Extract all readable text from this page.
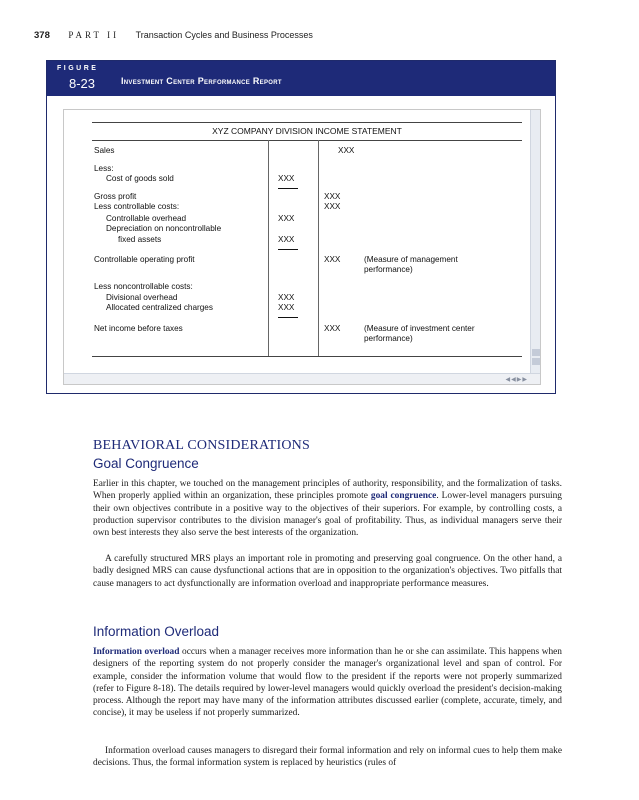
378 PART II Transaction Cycles and Business Processes
FIGURE
8-23	Investment Center Performance Report
XYZ COMPANY DIVISION INCOME STATEMENT
Sales	XXX
Less:
Cost of goods sold	XXX
Gross profit	XXX
Less controllable costs:	XXX
Controllable overhead	XXX
Depreciation on noncontrollable
fixed assets	XXX
Controllable operating profit	XXX	(Measure of management performance)
Less noncontrollable costs:
Divisional overhead	XXX
Allocated centralized charges	XXX
Net income before taxes	XXX	(Measure of investment center performance)
◀◀▶▶
BEHAVIORAL CONSIDERATIONS
Goal Congruence

Earlier in this chapter, we touched on the management principles of authority, responsibility, and the formalization of tasks. When properly applied within an organization, these principles promote goal congruence. Lower-level managers pursuing their own objectives contribute in a positive way to the objectives of their superiors. For example, by controlling costs, a production supervisor contributes to the division manager's goal of profitability. Thus, as individual managers serve their own best interests they also serve the best interests of the organization.

A carefully structured MRS plays an important role in promoting and preserving goal congruence. On the other hand, a badly designed MRS can cause dysfunctional actions that are in opposition to the organization's objectives. Two pitfalls that cause managers to act dysfunctionally are information overload and inappropriate performance measures.

Information Overload

Information overload occurs when a manager receives more information than he or she can assimilate. This happens when designers of the reporting system do not properly consider the manager's organizational level and span of control. For example, consider the information volume that would flow to the president if the reports were not properly summarized (refer to Figure 8-18). The details required by lower-level managers would quickly overload the president's decision-making process. Although the report may have many of the information attributes discussed earlier (complete, accurate, timely, and concise), it may be useless if not properly summarized.

Information overload causes managers to disregard their formal information and rely on informal cues to help them make decisions. Thus, the formal information system is replaced by heuristics (rules of
